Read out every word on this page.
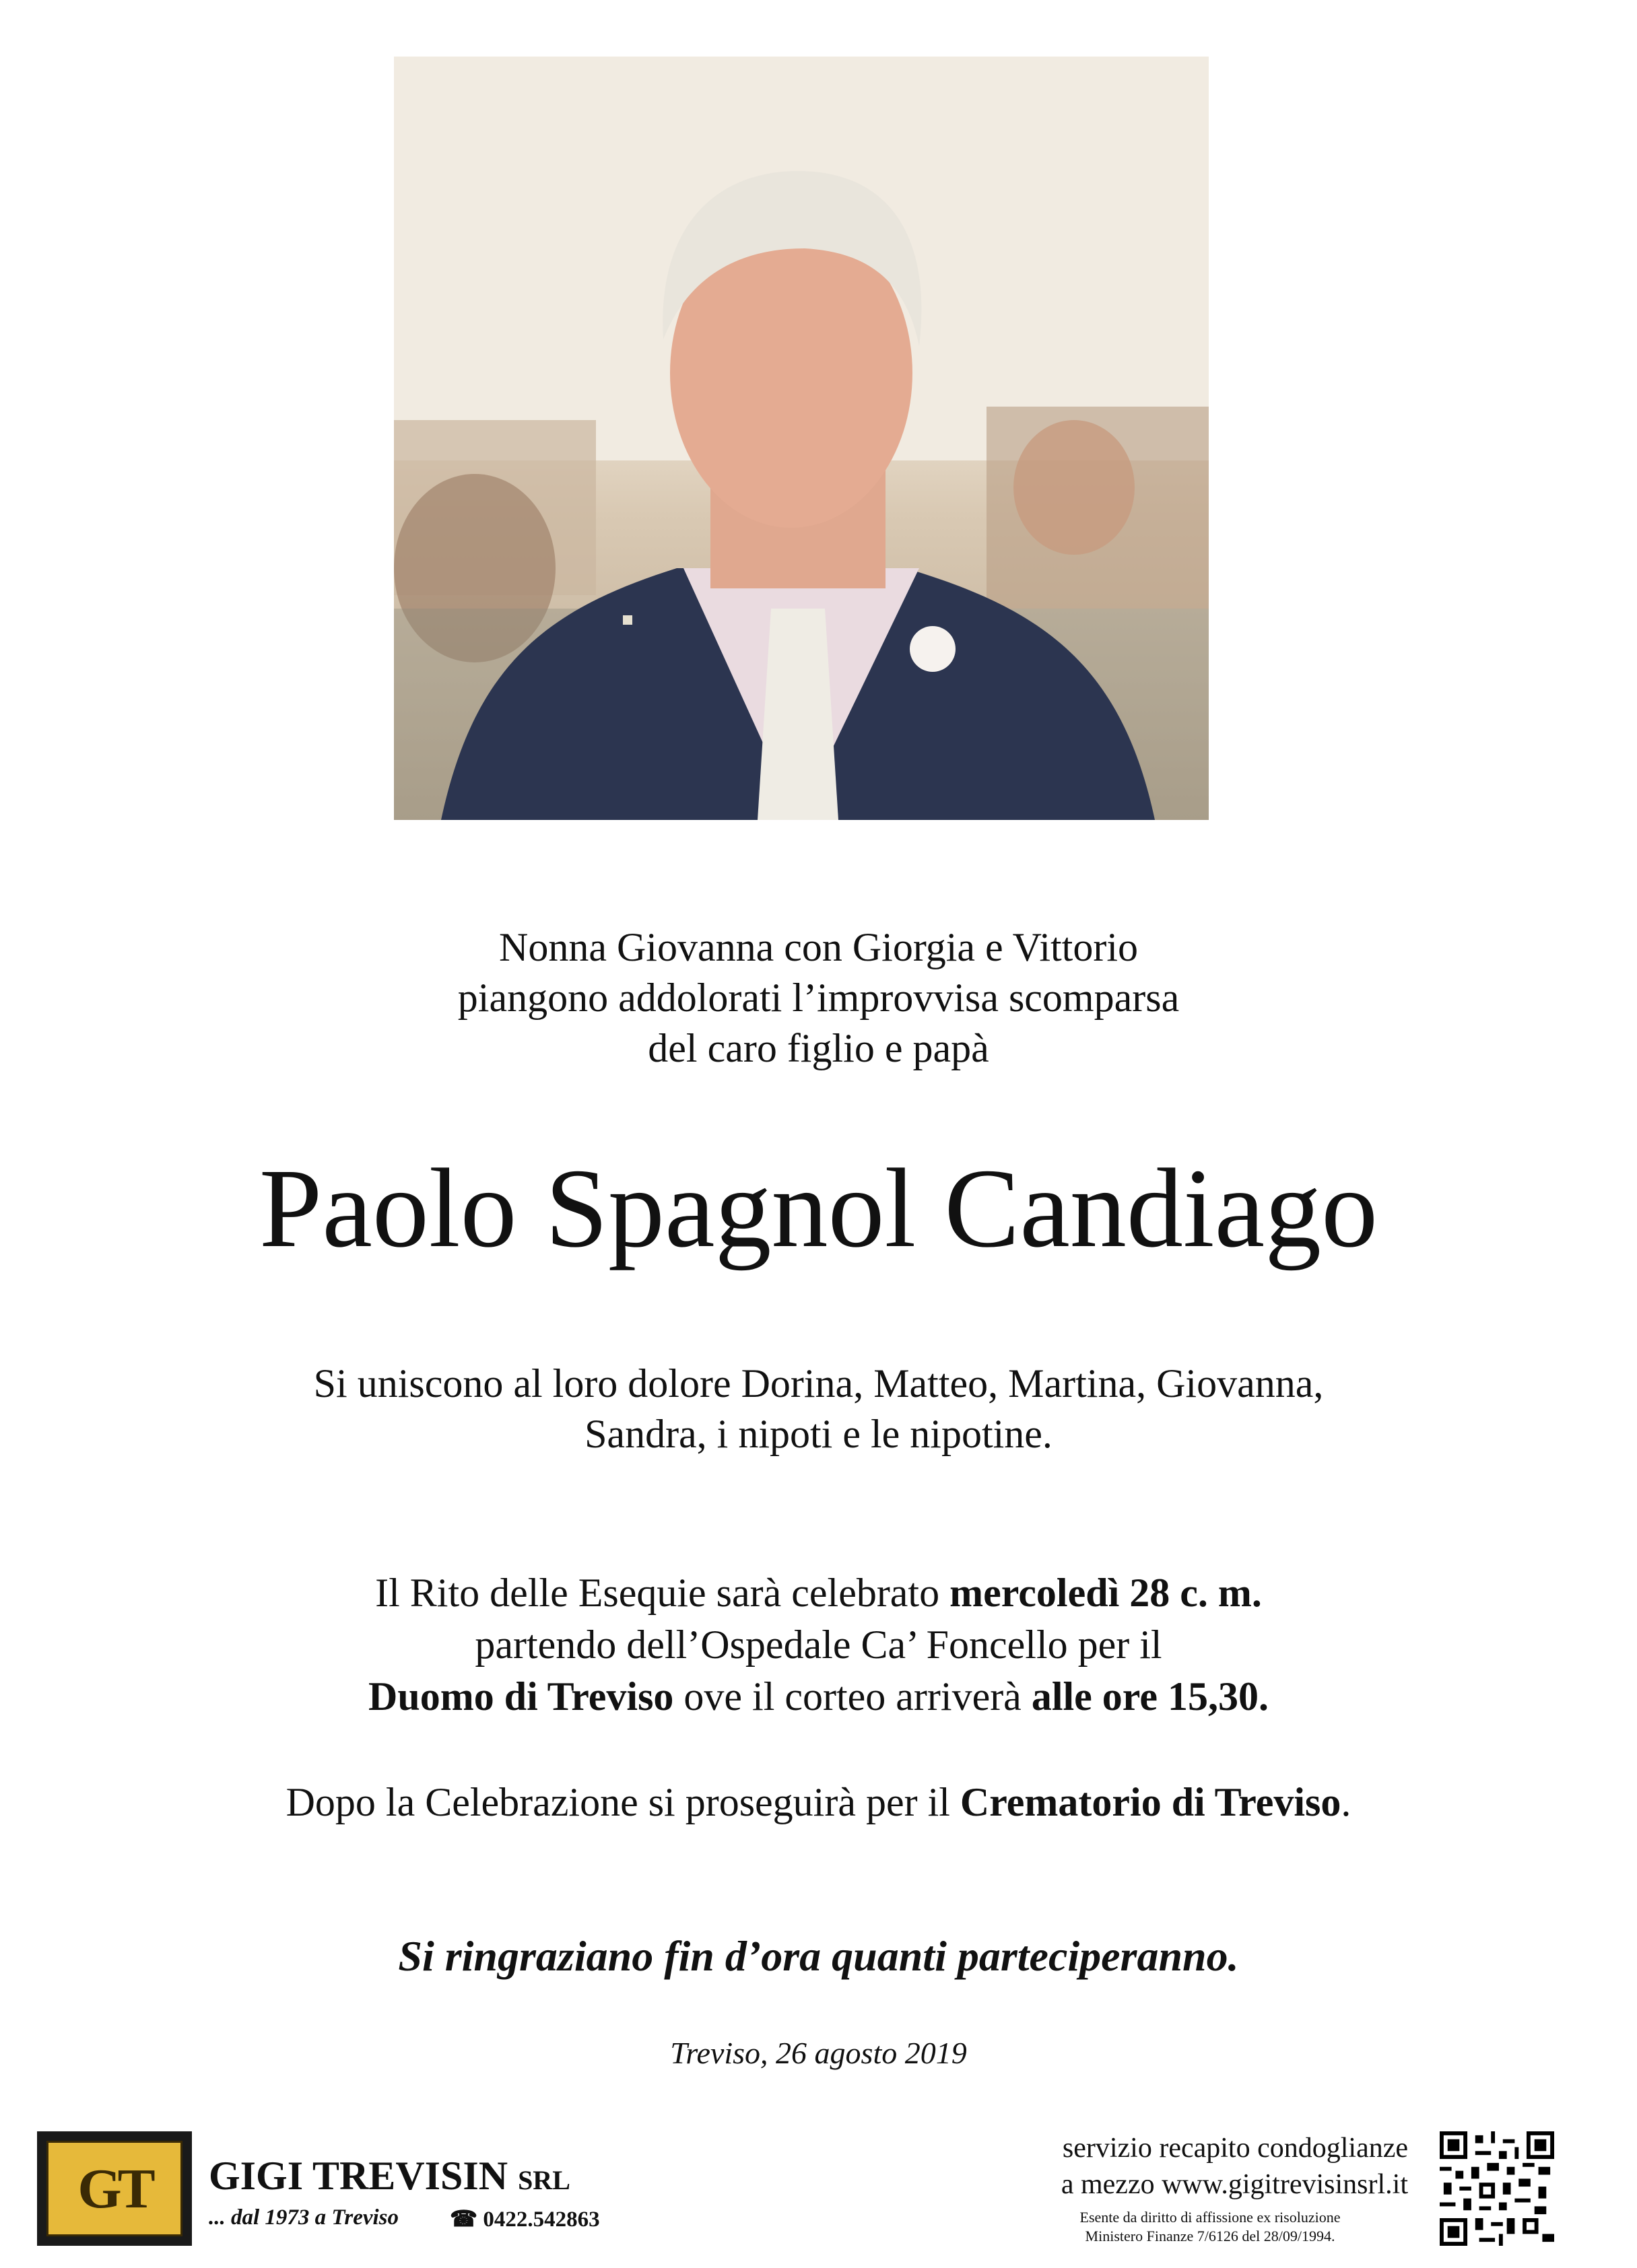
Nonna Giovanna con Giorgia e Vittorio
piangono addolorati l’improvvisa scomparsa
del caro figlio e papà
Paolo Spagnol Candiago
Si uniscono al loro dolore Dorina, Matteo, Martina, Giovanna,
Sandra, i nipoti e le nipotine.
Il Rito delle Esequie sarà celebrato mercoledì 28 c. m.
partendo dell’Ospedale Ca’ Foncello per il
Duomo di Treviso ove il corteo arriverà alle ore 15,30.
Dopo la Celebrazione si proseguirà per il Crematorio di Treviso.
Si ringraziano fin d’ora quanti parteciperanno.
Treviso, 26 agosto 2019
GT GIGI TREVISIN SRL
... dal 1973 a Treviso ☎ 0422.542863
servizio recapito condoglianze
a mezzo www.gigitrevisinsrl.it
Esente da diritto di affissione ex risoluzione
Ministero Finanze 7/6126 del 28/09/1994.
